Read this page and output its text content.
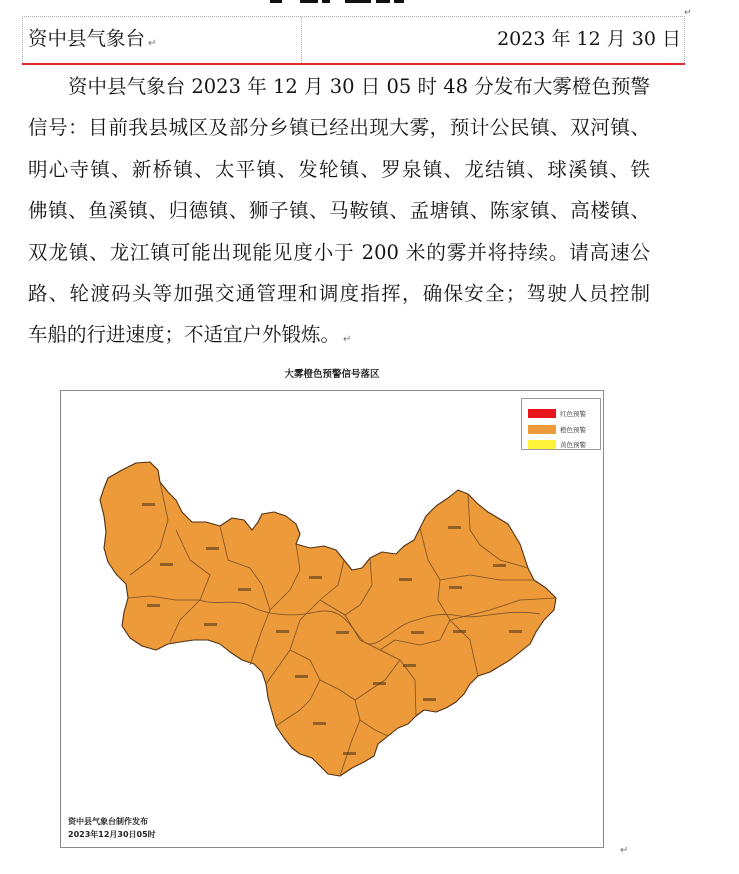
资中县气象台 ↵	2023 年 12 月 30 日
↵
资中县气象台 2023 年 12 月 30 日 05 时 48 分发布大雾橙色预警
信号：目前我县城区及部分乡镇已经出现大雾，预计公民镇、双河镇、
明心寺镇、新桥镇、太平镇、发轮镇、罗泉镇、龙结镇、球溪镇、铁
佛镇、鱼溪镇、归德镇、狮子镇、马鞍镇、孟塘镇、陈家镇、高楼镇、
双龙镇、龙江镇可能出现能见度小于 200 米的雾并将持续。请高速公
路、轮渡码头等加强交通管理和调度指挥，确保安全；驾驶人员控制
车船的行进速度；不适宜户外锻炼。 ↵
大雾橙色预警信号落区
红色预警
橙色预警
黄色预警
资中县气象台制作发布
2023年12月30日05时
↵
